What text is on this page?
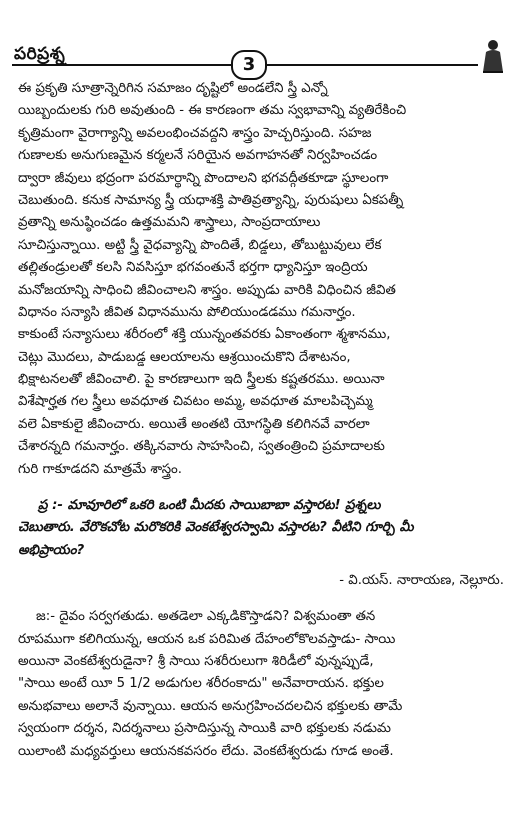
పరిప్రశ్న	3
ఈ ప్రకృతి సూత్రాన్నెరిగిన సమాజం దృష్టిలో అండలేని స్త్రీ ఎన్నో
యిబ్బందులకు గురి అవుతుంది - ఈ కారణంగా తమ స్వభావాన్ని వ్యతిరేకించి
కృత్రిమంగా వైరాగ్యాన్ని అవలంభించవద్దని శాస్త్రం హెచ్చరిస్తుంది. సహజ
గుణాలకు అనుగుణమైన కర్మలనే సరియైన అవగాహనతో నిర్వహించడం
ద్వారా జీవులు భద్రంగా పరమార్థాన్ని పొందాలని భగవద్గీతకూడా స్థూలంగా
చెబుతుంది. కనుక సామాన్య స్త్రీ యధాశక్తి పాతివ్రత్యాన్ని, పురుషులు ఏకపత్నీ
వ్రతాన్ని అనుష్ఠించడం ఉత్తమమని శాస్త్రాలు, సాంప్రదాయాలు
సూచిస్తున్నాయి. అట్టి స్త్రీ వైధవ్యాన్ని పొందితే, బిడ్డలు, తోబుట్టువులు లేక
తల్లితండ్రులతో కలసి నివసిస్తూ భగవంతునే భర్తగా ధ్యానిస్తూ ఇంద్రియ
మనోజయాన్ని సాధించి జీవించాలని శాస్త్రం. అప్పుడు వారికి విధించిన జీవిత
విధానం సన్యాసి జీవిత విధానమును పోలియుండడము గమనార్హం.
కాకుంటే సన్యాసులు శరీరంలో శక్తి యున్నంతవరకు ఏకాంతంగా శ్మశానము,
చెట్లు మొదలు, పాడుబడ్డ ఆలయాలను ఆశ్రయించుకొని దేశాటనం,
భిక్షాటనలతో జీవించాలి. పై కారణాలుగా ఇది స్త్రీలకు కష్టతరము. అయినా
విశేషార్హత గల స్త్రీలు అవధూత చివటం అమ్మ, అవధూత మాలపిచ్చెమ్మ
వలె ఏకాకులై జీవించారు. అయితే అంతటి యోగస్థితి కలిగినవే వారలా
చేశారన్నది గమనార్హం. తక్కినవారు సాహసించి, స్వతంత్రించి ప్రమాదాలకు
గురి గాకూడదని మాత్రమే శాస్త్రం.
ప్ర :- మావూరిలో ఒకరి ఒంటి మీదకు సాయిబాబా వస్తారట! ప్రశ్నలు
చెబుతారు. వేరొకచోట మరొకరికి వెంకటేశ్వరస్వామి వస్తారట? వీటిని గూర్చి మీ
అభిప్రాయం?
- వి.యస్. నారాయణ, నెల్లూరు.
జ:- దైవం సర్వగతుడు. అతడెలా ఎక్కడికొస్తాడని? విశ్వమంతా తన
రూపముగా కలిగియున్న, ఆయన ఒక పరిమిత దేహంలోకొలవస్తాడు- సాయి
అయినా వెంకటేశ్వరుడైనా? శ్రీ సాయి సశరీరులుగా శిరిడీలో వున్నప్పుడే,
"సాయి అంటే యీ 5 1/2 అడుగుల శరీరంకాదు" అనేవారాయన. భక్తుల
అనుభవాలు అలానే వున్నాయి. ఆయన అనుగ్రహించదలచిన భక్తులకు తామే
స్వయంగా దర్శన, నిదర్శనాలు ప్రసాదిస్తున్న సాయికి వారి భక్తులకు నడుమ
యిలాంటి మధ్యవర్తులు ఆయనకవసరం లేదు. వెంకటేశ్వరుడు గూడ అంతే.
